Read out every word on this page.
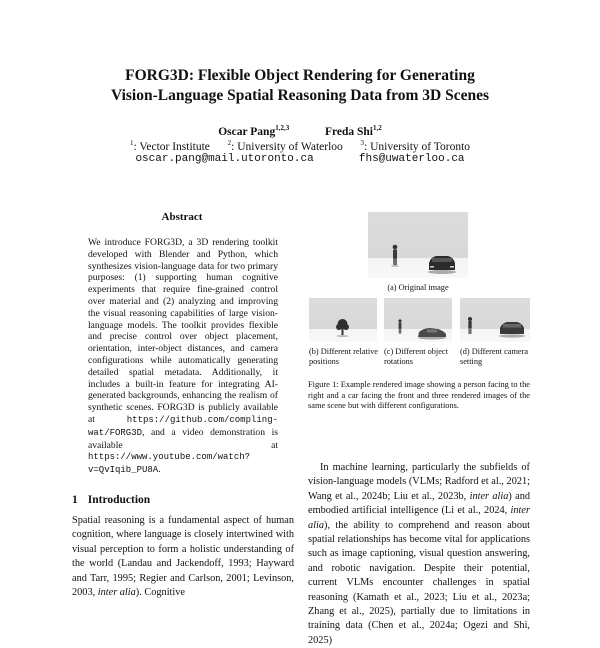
FORG3D: Flexible Object Rendering for Generating
Vision-Language Spatial Reasoning Data from 3D Scenes
Oscar Pang$^{1,2,3}$	Freda Shi$^{1,2}$
$^1$: Vector Institute	$^2$: University of Waterloo	$^3$: University of Toronto
oscar.pang@mail.utoronto.ca	fhs@uwaterloo.ca
Abstract
We introduce FORG3D, a 3D rendering toolkit developed with Blender and Python, which synthesizes vision-language data for two primary purposes: (1) supporting human cognitive experiments that require fine-grained control over material and (2) analyzing and improving the visual reasoning capabilities of large vision-language models. The toolkit provides flexible and precise control over object placement, orientation, inter-object distances, and camera configurations while automatically generating detailed spatial metadata. Additionally, it includes a built-in feature for integrating AI-generated backgrounds, enhancing the realism of synthetic scenes. FORG3D is publicly available at	https://github.com/compling-wat/FORG3D, and a video demonstration is available at https://www.youtube.com/watch?v=QvIqib_PU8A.
1 Introduction
Spatial reasoning is a fundamental aspect of human cognition, where language is closely intertwined with visual perception to form a holistic understanding of the world (Landau and Jackendoff, 1993; Hayward and Tarr, 1995; Regier and Carlson, 2001; Levinson, 2003, inter alia). Cognitive
(a) Original image
(b) Different relative positions
(c) Different object rotations
(d) Different camera setting
Figure 1: Example rendered image showing a person facing to the right and a car facing the front and three rendered images of the same scene but with different configurations.
In machine learning, particularly the subfields of vision-language models (VLMs; Radford et al., 2021; Wang et al., 2024b; Liu et al., 2023b, inter alia) and embodied artificial intelligence (Li et al., 2024, inter alia), the ability to comprehend and reason about spatial relationships has become vital for applications such as image captioning, visual question answering, and robotic navigation. Despite their potential, current VLMs encounter challenges in spatial reasoning (Kamath et al., 2023; Liu et al., 2023a; Zhang et al., 2025), partially due to limitations in training data (Chen et al., 2024a; Ogezi and Shi, 2025)
